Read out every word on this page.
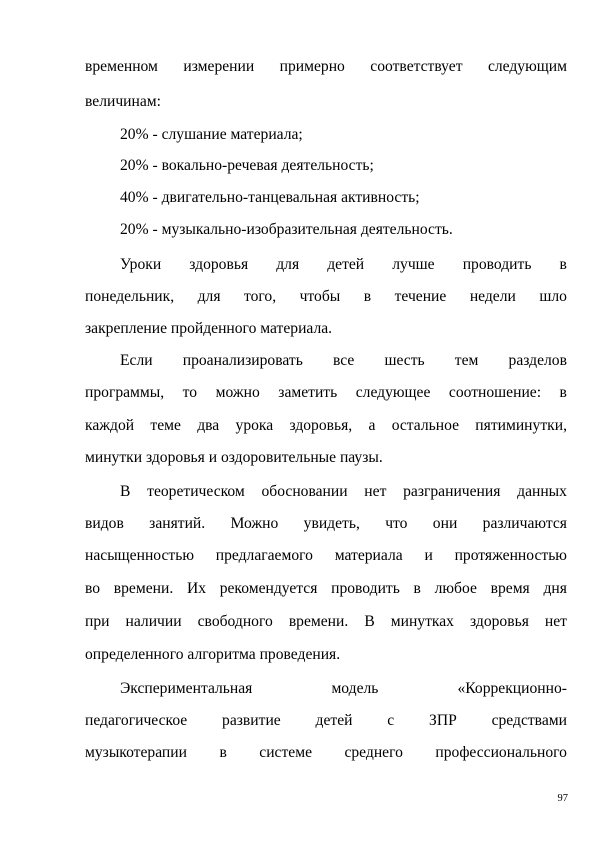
временном измерении примерно соответствует следующим
величинам:
20% - слушание материала;
20% - вокально-речевая деятельность;
40% - двигательно-танцевальная активность;
20% - музыкально-изобразительная деятельность.
Уроки здоровья для детей лучше проводить в
понедельник, для того, чтобы в течение недели шло
закрепление пройденного материала.
Если проанализировать все шесть тем разделов
программы, то можно заметить следующее соотношение: в
каждой теме два урока здоровья, а остальное пятиминутки,
минутки здоровья и оздоровительные паузы.
В теоретическом обосновании нет разграничения данных
видов занятий. Можно увидеть, что они различаются
насыщенностью предлагаемого материала и протяженностью
во времени. Их рекомендуется проводить в любое время дня
при наличии свободного времени. В минутках здоровья нет
определенного алгоритма проведения.
Экспериментальная	модель	«Коррекционно-
педагогическое развитие детей с ЗПР средствами
музыкотерапии в системе среднего профессионального
97
